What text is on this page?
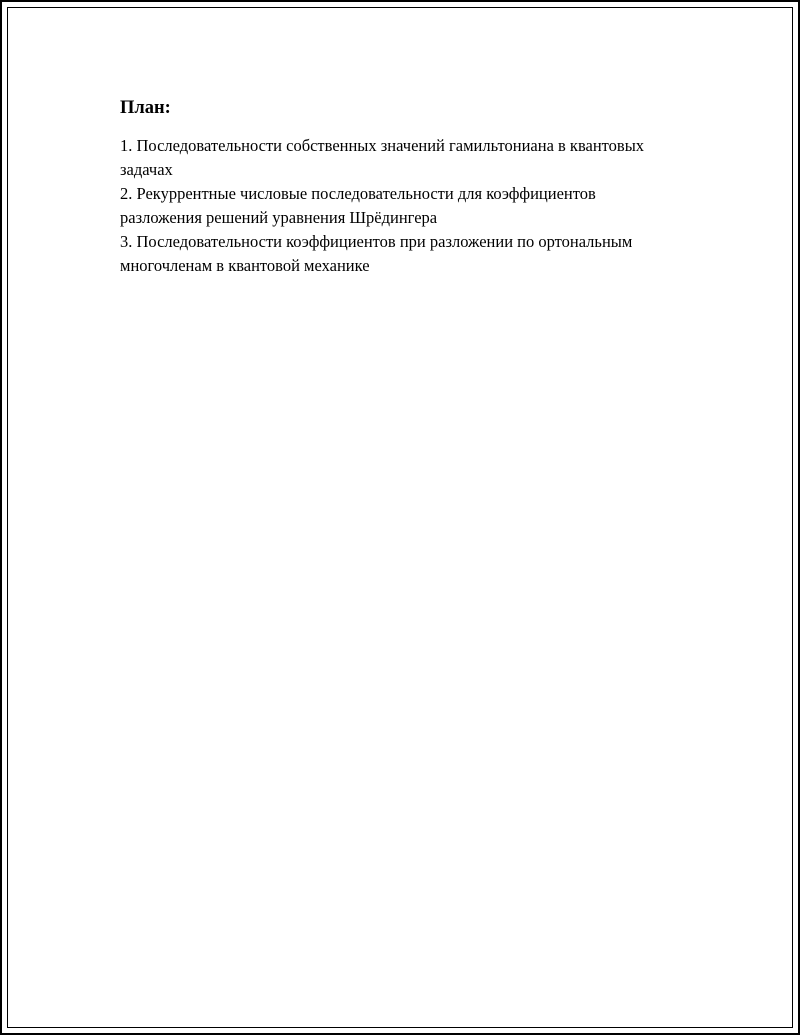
План:
1. Последовательности собственных значений гамильтониана в квантовых задачах
2. Рекуррентные числовые последовательности для коэффициентов разложения решений уравнения Шрёдингера
3. Последовательности коэффициентов при разложении по ортональным многочленам в квантовой механике
